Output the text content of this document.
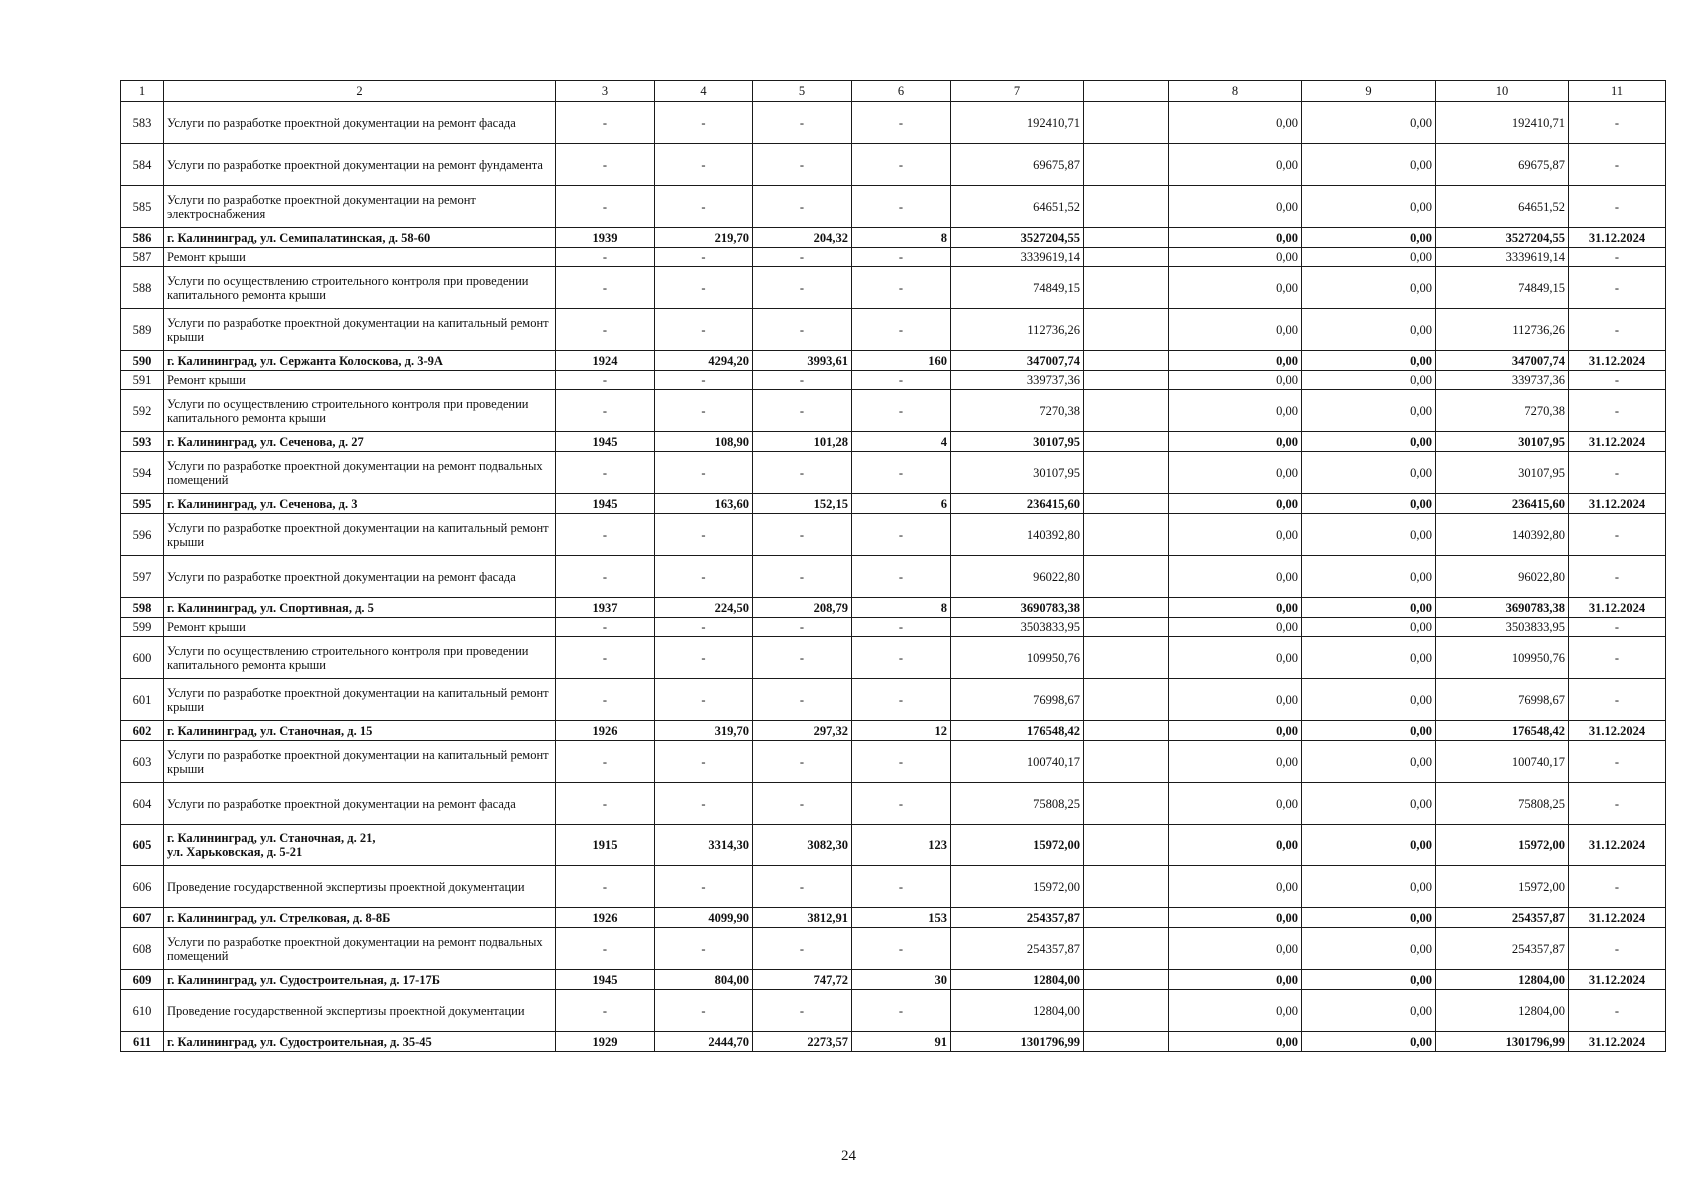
1	2	3	4	5	6	7		8	9	10	11
583	Услуги по разработке проектной документации на ремонт фасада	-	-	-	-	192410,71		0,00	0,00	192410,71	-
584	Услуги по разработке проектной документации на ремонт фундамента	-	-	-	-	69675,87		0,00	0,00	69675,87	-
585	Услуги по разработке проектной документации на ремонт электроснабжения	-	-	-	-	64651,52		0,00	0,00	64651,52	-
586	г. Калининград, ул. Семипалатинская, д. 58-60	1939	219,70	204,32	8	3527204,55		0,00	0,00	3527204,55	31.12.2024
587	Ремонт крыши	-	-	-	-	3339619,14		0,00	0,00	3339619,14	-
588	Услуги по осуществлению строительного контроля при проведении капитального ремонта крыши	-	-	-	-	74849,15		0,00	0,00	74849,15	-
589	Услуги по разработке проектной документации на капитальный ремонт крыши	-	-	-	-	112736,26		0,00	0,00	112736,26	-
590	г. Калининград, ул. Сержанта Колоскова, д. 3-9А	1924	4294,20	3993,61	160	347007,74		0,00	0,00	347007,74	31.12.2024
591	Ремонт крыши	-	-	-	-	339737,36		0,00	0,00	339737,36	-
592	Услуги по осуществлению строительного контроля при проведении капитального ремонта крыши	-	-	-	-	7270,38		0,00	0,00	7270,38	-
593	г. Калининград, ул. Сеченова, д. 27	1945	108,90	101,28	4	30107,95		0,00	0,00	30107,95	31.12.2024
594	Услуги по разработке проектной документации на ремонт подвальных помещений	-	-	-	-	30107,95		0,00	0,00	30107,95	-
595	г. Калининград, ул. Сеченова, д. 3	1945	163,60	152,15	6	236415,60		0,00	0,00	236415,60	31.12.2024
596	Услуги по разработке проектной документации на капитальный ремонт крыши	-	-	-	-	140392,80		0,00	0,00	140392,80	-
597	Услуги по разработке проектной документации на ремонт фасада	-	-	-	-	96022,80		0,00	0,00	96022,80	-
598	г. Калининград, ул. Спортивная, д. 5	1937	224,50	208,79	8	3690783,38		0,00	0,00	3690783,38	31.12.2024
599	Ремонт крыши	-	-	-	-	3503833,95		0,00	0,00	3503833,95	-
600	Услуги по осуществлению строительного контроля при проведении капитального ремонта крыши	-	-	-	-	109950,76		0,00	0,00	109950,76	-
601	Услуги по разработке проектной документации на капитальный ремонт крыши	-	-	-	-	76998,67		0,00	0,00	76998,67	-
602	г. Калининград, ул. Станочная, д. 15	1926	319,70	297,32	12	176548,42		0,00	0,00	176548,42	31.12.2024
603	Услуги по разработке проектной документации на капитальный ремонт крыши	-	-	-	-	100740,17		0,00	0,00	100740,17	-
604	Услуги по разработке проектной документации на ремонт фасада	-	-	-	-	75808,25		0,00	0,00	75808,25	-
605	г. Калининград, ул. Станочная, д. 21,
ул. Харьковская, д. 5-21	1915	3314,30	3082,30	123	15972,00		0,00	0,00	15972,00	31.12.2024
606	Проведение государственной экспертизы проектной документации	-	-	-	-	15972,00		0,00	0,00	15972,00	-
607	г. Калининград, ул. Стрелковая, д. 8-8Б	1926	4099,90	3812,91	153	254357,87		0,00	0,00	254357,87	31.12.2024
608	Услуги по разработке проектной документации на ремонт подвальных помещений	-	-	-	-	254357,87		0,00	0,00	254357,87	-
609	г. Калининград, ул. Судостроительная, д. 17-17Б	1945	804,00	747,72	30	12804,00		0,00	0,00	12804,00	31.12.2024
610	Проведение государственной экспертизы проектной документации	-	-	-	-	12804,00		0,00	0,00	12804,00	-
611	г. Калининград, ул. Судостроительная, д. 35-45	1929	2444,70	2273,57	91	1301796,99		0,00	0,00	1301796,99	31.12.2024
24
